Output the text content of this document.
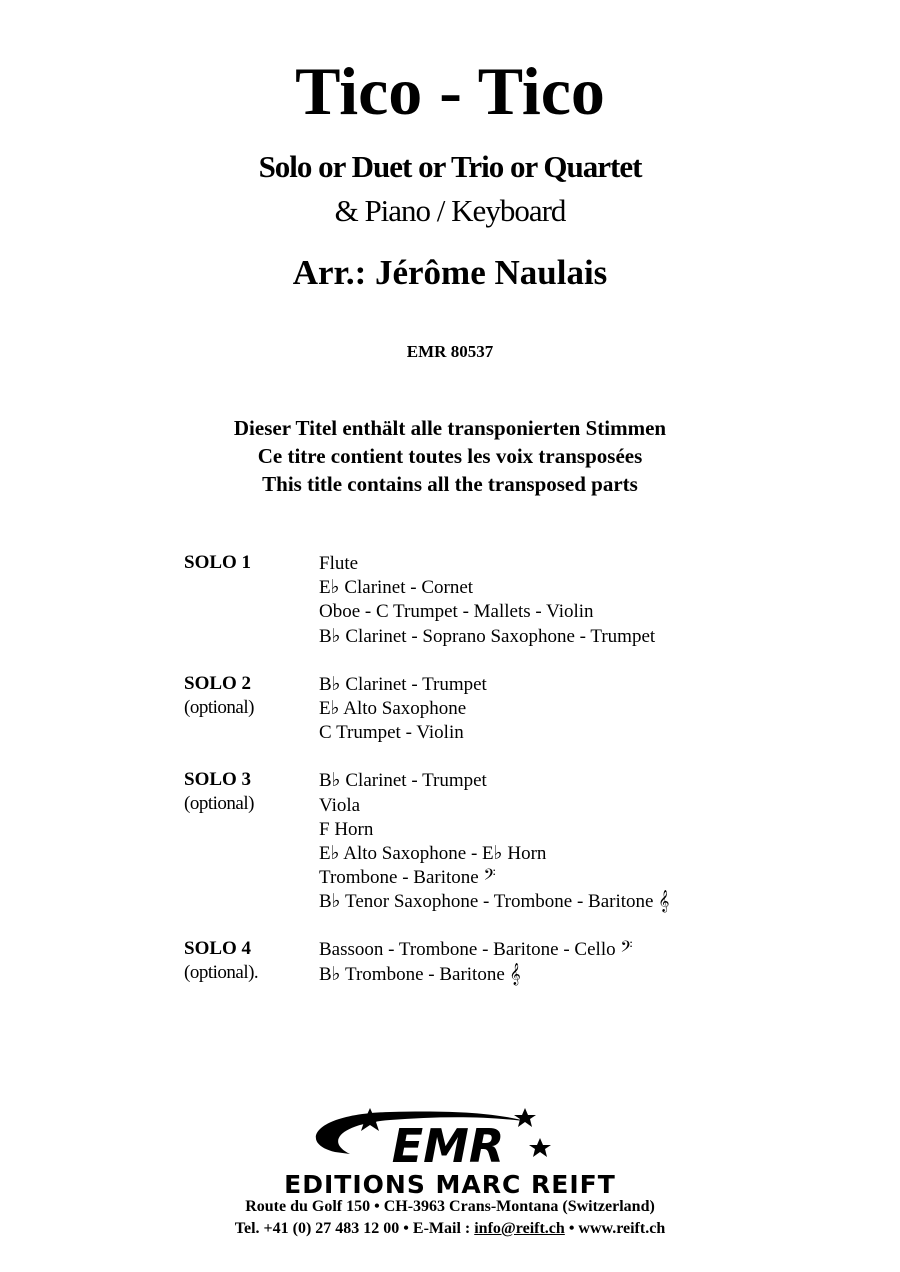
Tico - Tico
Solo or Duet or Trio or Quartet
& Piano / Keyboard
Arr.: Jérôme Naulais
EMR 80537
Dieser Titel enthält alle transponierten Stimmen
Ce titre contient toutes les voix transposées
This title contains all the transposed parts
SOLO 1	Flute
E♭ Clarinet - Cornet
Oboe - C Trumpet - Mallets - Violin
B♭ Clarinet - Soprano Saxophone - Trumpet
SOLO 2
(optional)
B♭ Clarinet - Trumpet
E♭ Alto Saxophone
C Trumpet - Violin
SOLO 3
(optional)
B♭ Clarinet - Trumpet
Viola
F Horn
E♭ Alto Saxophone - E♭ Horn
Trombone - Baritone 𝄢
B♭ Tenor Saxophone - Trombone - Baritone 𝄞
SOLO 4
(optional).
Bassoon - Trombone - Baritone - Cello 𝄢
B♭ Trombone - Baritone 𝄞
EMR
EDITIONS MARC REIFT
Route du Golf 150 • CH-3963 Crans-Montana (Switzerland)
Tel. +41 (0) 27 483 12 00 • E-Mail : info@reift.ch • www.reift.ch
